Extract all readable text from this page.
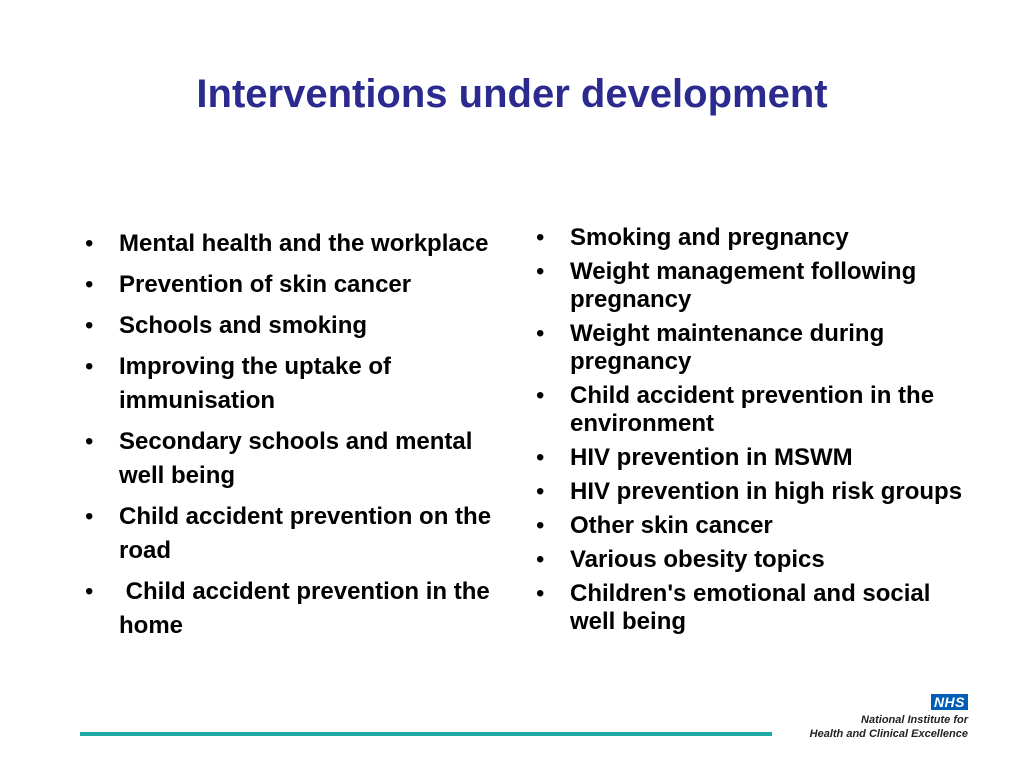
Interventions under development
• Mental health and the workplace
• Prevention of skin cancer
• Schools and smoking
• Improving the uptake of immunisation
• Secondary schools and mental well being
• Child accident prevention on the road
•  Child accident prevention in the home
• Smoking and pregnancy
• Weight management following  pregnancy
• Weight maintenance during pregnancy
• Child accident prevention in the environment
• HIV prevention in MSWM
• HIV prevention in high risk groups
• Other skin cancer
• Various obesity topics
• Children's emotional and social well being
NHS
National Institute for
Health and Clinical Excellence
